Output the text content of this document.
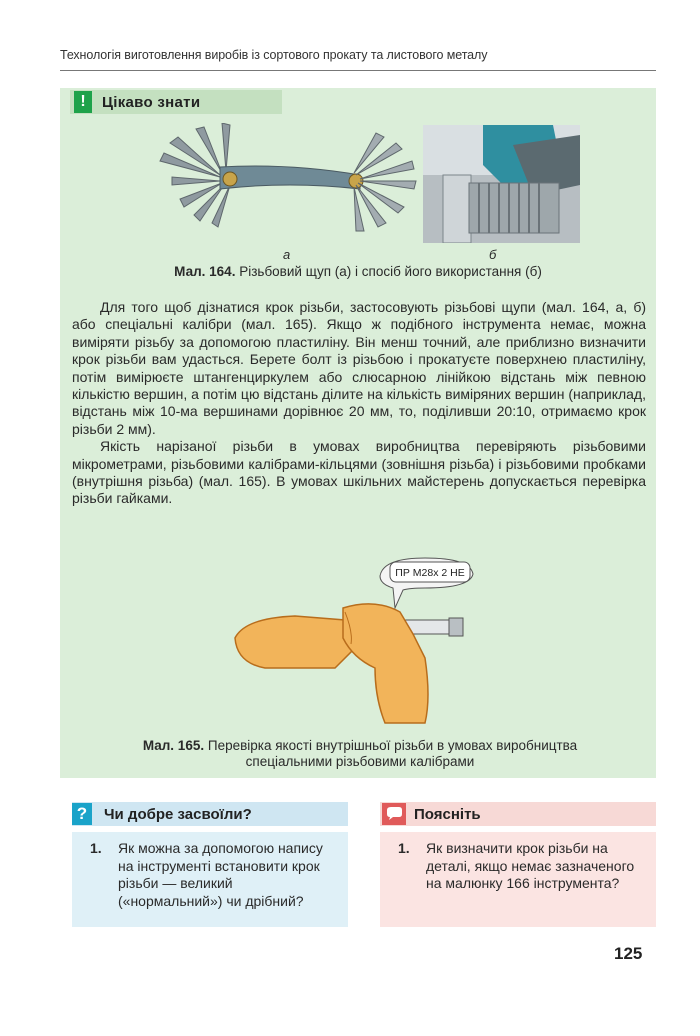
Технологія виготовлення виробів із сортового прокату та листового металу
!	Цікаво знати
а	б
Мал. 164. Різьбовий щуп (а) і спосіб його використання (б)

Для того щоб дізнатися крок різьби, застосовують різьбові щупи (мал. 164, а, б) або спеціальні калібри (мал. 165). Якщо ж подібного інструмента немає, можна виміряти різьбу за допомогою пластиліну. Він менш точний, але приблизно визначити крок різьби вам удасться. Берете болт із різьбою і прокатуєте поверхнею пластиліну, потім вимірюєте штангенциркулем або слюсарною лінійкою відстань між певною кількістю вершин, а потім цю відстань ділите на кількість виміряних вершин (наприклад, відстань між 10-ма вершинами дорівнює 20 мм, то, поділивши 20:10, отримаємо крок різьби 2 мм).

Якість нарізаної різьби в умовах виробництва перевіряють різьбовими мікрометрами, різьбовими калібрами-кільцями (зовнішня різьба) і різьбовими пробками (внутрішня різьба) (мал. 165). В умовах шкільних майстерень допускається перевірка різьби гайками.

ПР М28х 2 НЕ
Мал. 165. Перевірка якості внутрішньої різьби в умовах виробництва
спеціальними різьбовими калібрами
?	Чи добре засвоїли?
1. Як можна за допомогою напису на інструменті встановити крок різьби — великий («нормальний») чи дрібний?
Поясніть
1. Як визначити крок різьби на деталі, якщо немає зазначеного на малюнку 166 інструмента?
125
